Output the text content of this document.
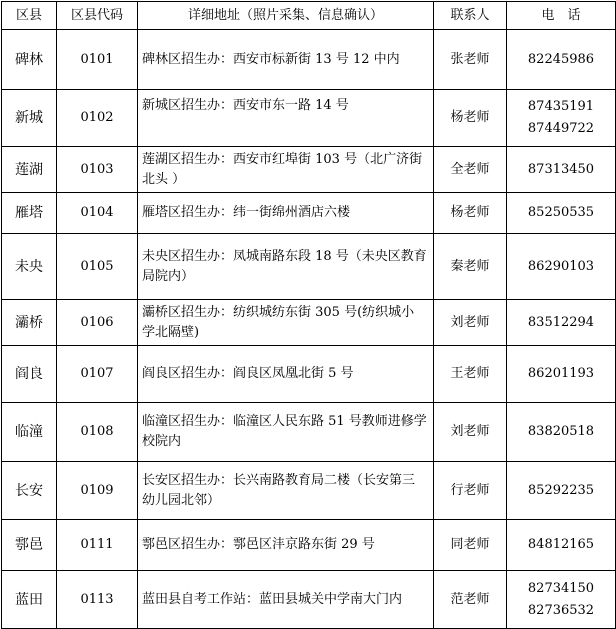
区县	区县代码	详细地址（照片采集、信息确认）	联系人	电　话
碑林	0101	碑林区招生办：西安市标新街 13 号 12 中内	张老师	82245986

新城	0102	新城区招生办：西安市东一路 14 号	杨老师	87435191
87449722

莲湖	0103	莲湖区招生办：西安市红埠街 103 号（北广济街北头 ）	全老师	87313450

雁塔	0104	雁塔区招生办：纬一街绵州酒店六楼	杨老师	85250535

未央	0105	未央区招生办：凤城南路东段 18 号（未央区教育局院内）	秦老师	86290103

灞桥	0106	灞桥区招生办：纺织城纺东街 305 号(纺织城小学北隔壁)	刘老师	83512294

阎良	0107	阎良区招生办：阎良区凤凰北街 5 号	王老师	86201193

临潼	0108	临潼区招生办：临潼区人民东路 51 号教师进修学校院内	刘老师	83820518

长安	0109	长安区招生办：长兴南路教育局二楼（长安第三幼儿园北邻）	行老师	85292235

鄠邑	0111	鄠邑区招生办：鄠邑区沣京路东街 29 号	同老师	84812165

蓝田	0113	蓝田县自考工作站：蓝田县城关中学南大门内	范老师	82734150
82736532
